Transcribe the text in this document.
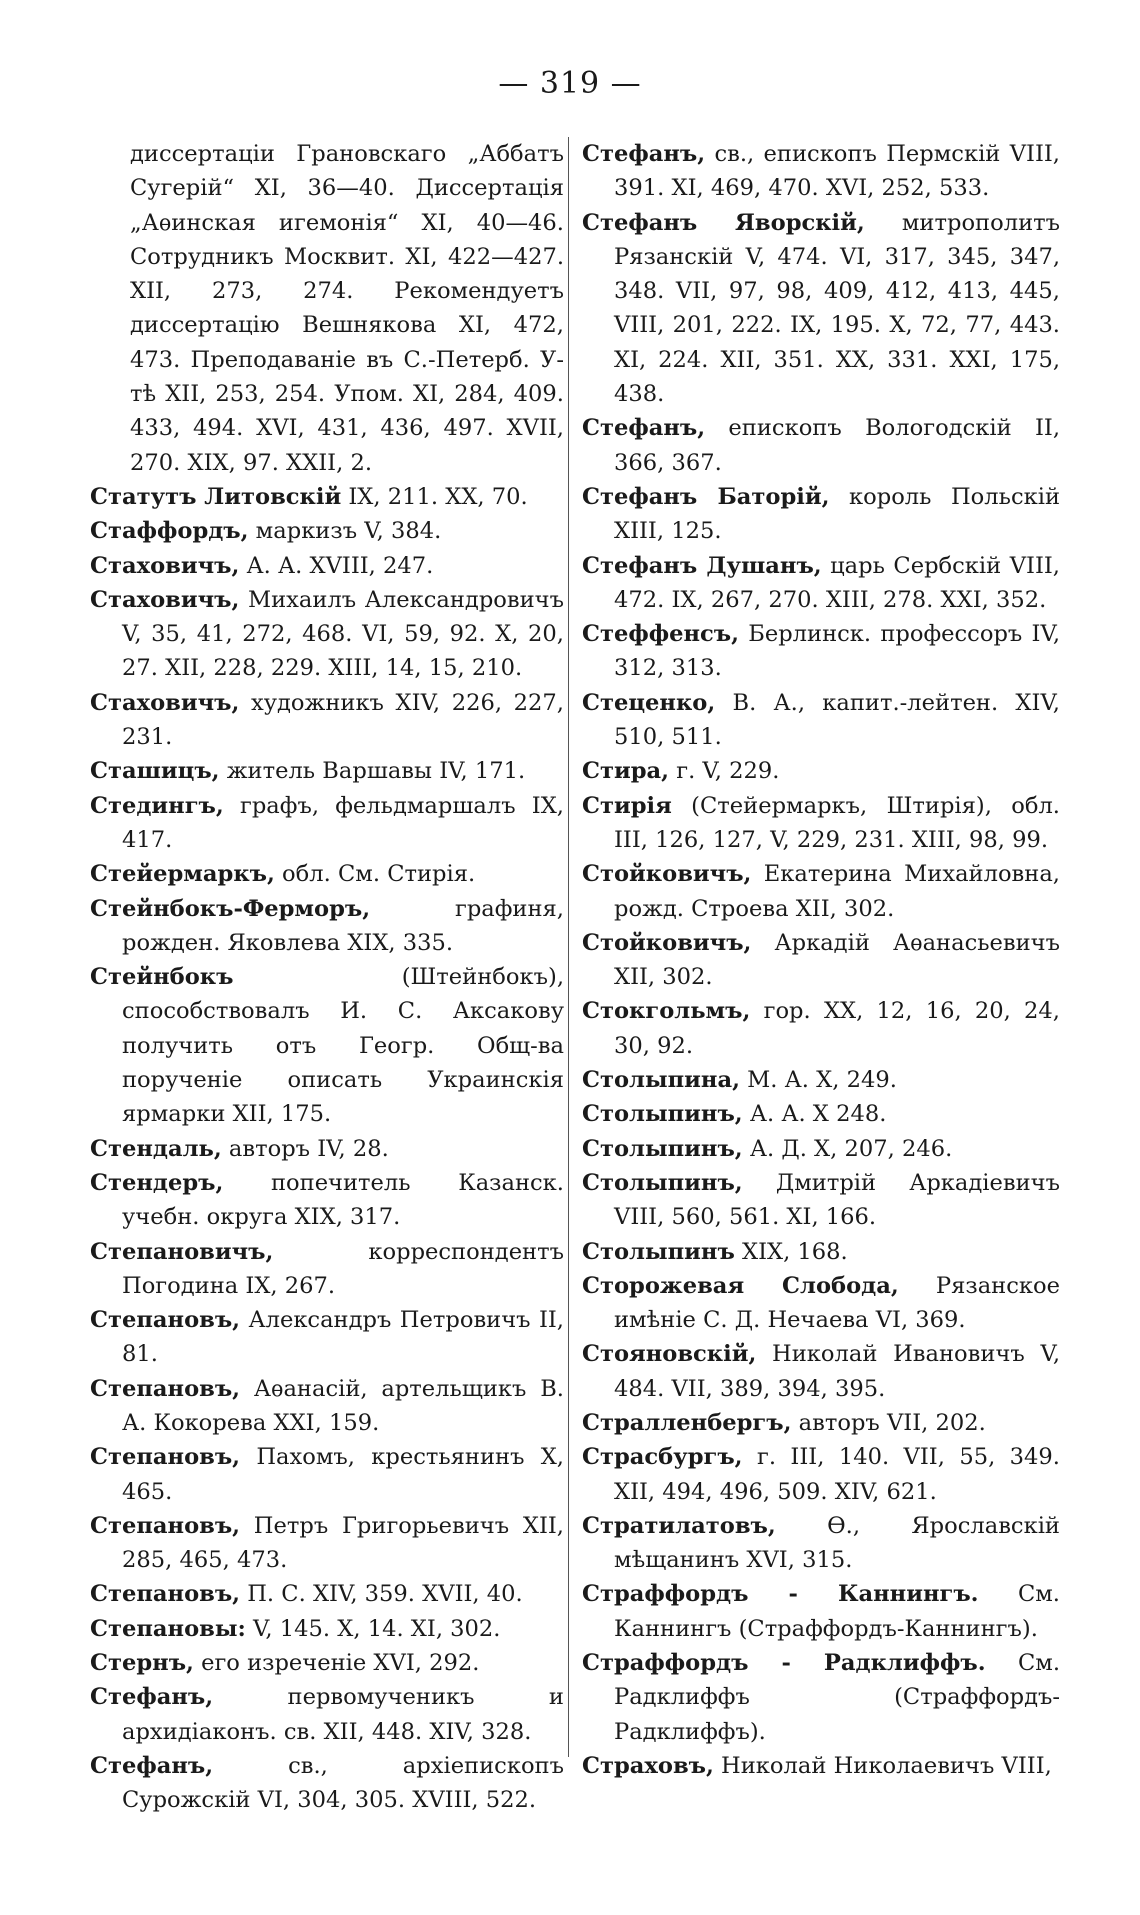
— 319 —

диссертаціи Грановскаго „Аббатъ Сугерій“ XI, 36—40. Диссертація „Аѳинская игемонія“ XI, 40—46. Сотрудникъ Москвит. XI, 422—427. XII, 273, 274. Рекомендуетъ диссертацію Вешнякова XI, 472, 473. Преподаваніе въ С.-Петерб. У-тѣ XII, 253, 254. Упом. XI, 284, 409. 433, 494. XVI, 431, 436, 497. XVII, 270. XIX, 97. XXII, 2.

Статутъ Литовскій IX, 211. XX, 70.

Стаффордъ, маркизъ V, 384.

Стаховичъ, А. А. XVIII, 247.

Стаховичъ, Михаилъ Александровичъ V, 35, 41, 272, 468. VI, 59, 92. X, 20, 27. XII, 228, 229. XIII, 14, 15, 210.

Стаховичъ, художникъ XIV, 226, 227, 231.

Сташицъ, житель Варшавы IV, 171.

Стедингъ, графъ, фельдмаршалъ IX, 417.

Стейермаркъ, обл. См. Стирія.

Стейнбокъ-Ферморъ, графиня, рожден. Яковлева XIX, 335.

Стейнбокъ (Штейнбокъ), способствовалъ И. С. Аксакову получить отъ Геогр. Общ-ва порученіе описать Украинскія ярмарки XII, 175.

Стендаль, авторъ IV, 28.

Стендеръ, попечитель Казанск. учебн. округа XIX, 317.

Степановичъ, корреспондентъ Погодина IX, 267.

Степановъ, Александръ Петровичъ II, 81.

Степановъ, Аѳанасій, артельщикъ В. А. Кокорева XXI, 159.

Степановъ, Пахомъ, крестьянинъ X, 465.

Степановъ, Петръ Григорьевичъ XII, 285, 465, 473.

Степановъ, П. С. XIV, 359. XVII, 40.

Степановы: V, 145. X, 14. XI, 302.

Стернъ, его изреченіе XVI, 292.

Стефанъ, первомученикъ и архидіаконъ. св. XII, 448. XIV, 328.

Стефанъ, св., архіепископъ Сурожскій VI, 304, 305. XVIII, 522.

Стефанъ, св., епископъ Пермскій VIII, 391. XI, 469, 470. XVI, 252, 533.

Стефанъ Яворскій, митрополитъ Рязанскій V, 474. VI, 317, 345, 347, 348. VII, 97, 98, 409, 412, 413, 445, VIII, 201, 222. IX, 195. X, 72, 77, 443. XI, 224. XII, 351. XX, 331. XXI, 175, 438.

Стефанъ, епископъ Вологодскій II, 366, 367.

Стефанъ Баторій, король Польскій XIII, 125.

Стефанъ Душанъ, царь Сербскій VIII, 472. IX, 267, 270. XIII, 278. XXI, 352.

Стеффенсъ, Берлинск. профессоръ IV, 312, 313.

Стеценко, В. А., капит.-лейтен. XIV, 510, 511.

Стира, г. V, 229.

Стирія (Стейермаркъ, Штирія), обл. III, 126, 127, V, 229, 231. XIII, 98, 99.

Стойковичъ, Екатерина Михайловна, рожд. Строева XII, 302.

Стойковичъ, Аркадій Аѳанасьевичъ XII, 302.

Стокгольмъ, гор. XX, 12, 16, 20, 24, 30, 92.

Столыпина, М. А. X, 249.

Столыпинъ, А. А. X 248.

Столыпинъ, А. Д. X, 207, 246.

Столыпинъ, Дмитрій Аркадіевичъ VIII, 560, 561. XI, 166.

Столыпинъ XIX, 168.

Сторожевая Слобода, Рязанское имѣніе С. Д. Нечаева VI, 369.

Стояновскій, Николай Ивановичъ V, 484. VII, 389, 394, 395.

Стралленбергъ, авторъ VII, 202.

Страсбургъ, г. III, 140. VII, 55, 349. XII, 494, 496, 509. XIV, 621.

Стратилатовъ, Ѳ., Ярославскій мѣщанинъ XVI, 315.

Страффордъ - Каннингъ. См. Каннингъ (Страффордъ-Каннингъ).

Страффордъ - Радклиффъ. См. Радклиффъ (Страффордъ-Радклиффъ).

Страховъ, Николай Николаевичъ VIII,
